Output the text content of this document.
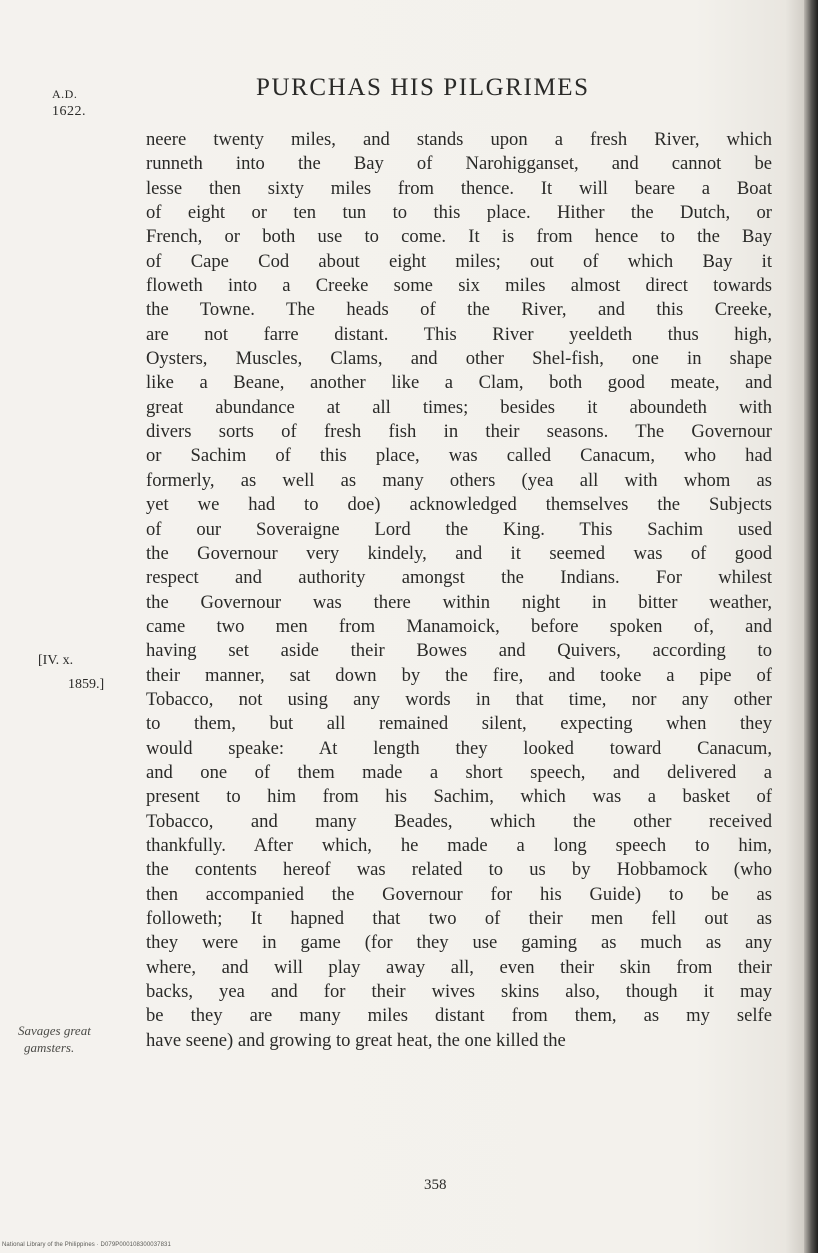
A.D.
1622.
PURCHAS HIS PILGRIMES
neere twenty miles, and stands upon a fresh River, which
runneth into the Bay of Narohigganset, and cannot be
lesse then sixty miles from thence. It will beare a Boat
of eight or ten tun to this place. Hither the Dutch, or
French, or both use to come. It is from hence to the Bay
of Cape Cod about eight miles; out of which Bay it
floweth into a Creeke some six miles almost direct towards
the Towne. The heads of the River, and this Creeke,
are not farre distant. This River yeeldeth thus high,
Oysters, Muscles, Clams, and other Shel-fish, one in shape
like a Beane, another like a Clam, both good meate, and
great abundance at all times; besides it aboundeth with
divers sorts of fresh fish in their seasons. The Governour
or Sachim of this place, was called Canacum, who had
formerly, as well as many others (yea all with whom as
yet we had to doe) acknowledged themselves the Subjects
of our Soveraigne Lord the King. This Sachim used
the Governour very kindely, and it seemed was of good
respect and authority amongst the Indians. For whilest
the Governour was there within night in bitter weather,
came two men from Manamoick, before spoken of, and
having set aside their Bowes and Quivers, according to
their manner, sat down by the fire, and tooke a pipe of
Tobacco, not using any words in that time, nor any other
to them, but all remained silent, expecting when they
would speake: At length they looked toward Canacum,
and one of them made a short speech, and delivered a
present to him from his Sachim, which was a basket of
Tobacco, and many Beades, which the other received
thankfully. After which, he made a long speech to him,
the contents hereof was related to us by Hobbamock (who
then accompanied the Governour for his Guide) to be as
followeth; It hapned that two of their men fell out as
they were in game (for they use gaming as much as any
where, and will play away all, even their skin from their
backs, yea and for their wives skins also, though it may
be they are many miles distant from them, as my selfe
have seene) and growing to great heat, the one killed the
[IV. x.
1859.]
Savages great
gamsters.
358
National Library of the Philippines · D079P000108300037831
